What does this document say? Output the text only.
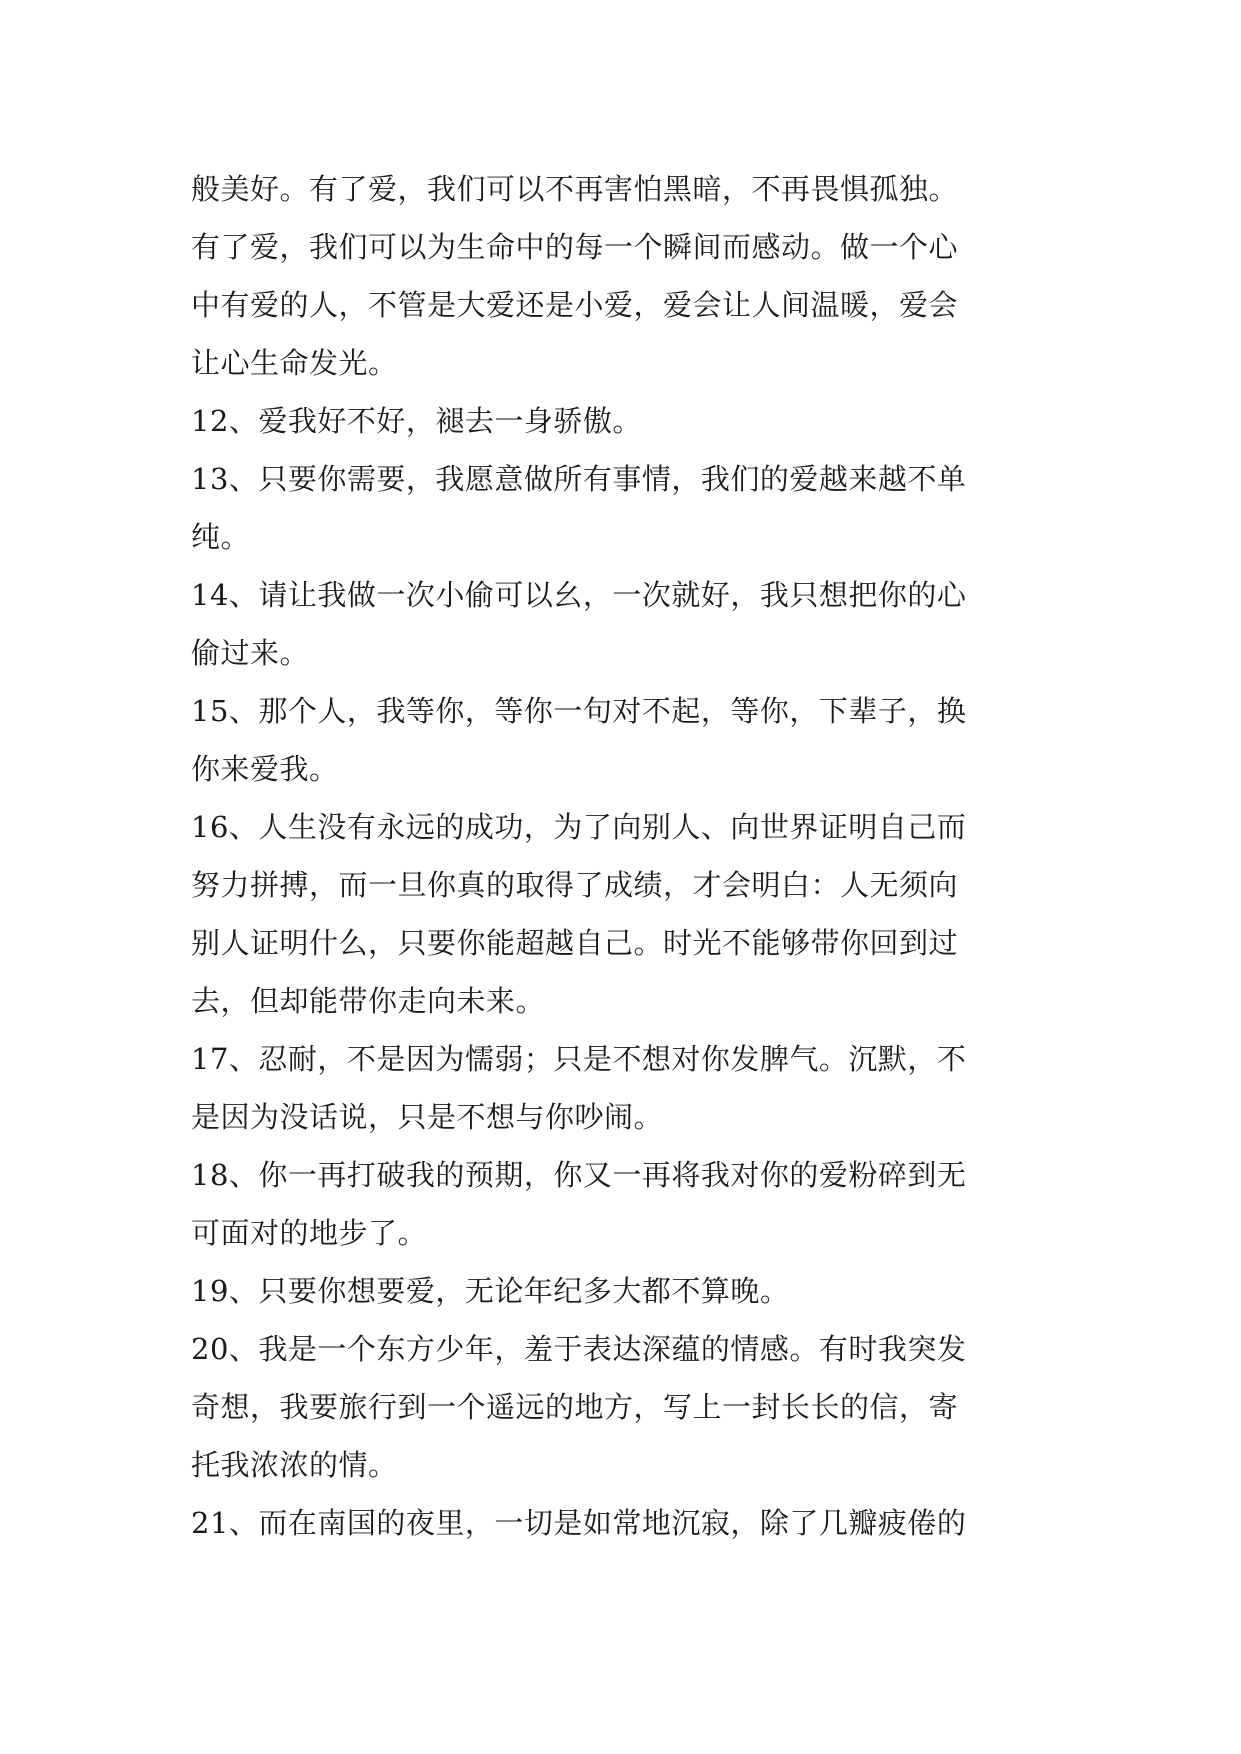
般美好。有了爱，我们可以不再害怕黑暗，不再畏惧孤独。
有了爱，我们可以为生命中的每一个瞬间而感动。做一个心
中有爱的人，不管是大爱还是小爱，爱会让人间温暖，爱会
让心生命发光。
12、爱我好不好，褪去一身骄傲。
13、只要你需要，我愿意做所有事情，我们的爱越来越不单
纯。
14、请让我做一次小偷可以幺，一次就好，我只想把你的心
偷过来。
15、那个人，我等你，等你一句对不起，等你，下辈子，换
你来爱我。
16、人生没有永远的成功，为了向别人、向世界证明自己而
努力拼搏，而一旦你真的取得了成绩，才会明白：人无须向
别人证明什么，只要你能超越自己。时光不能够带你回到过
去，但却能带你走向未来。
17、忍耐，不是因为懦弱；只是不想对你发脾气。沉默，不
是因为没话说，只是不想与你吵闹。
18、你一再打破我的预期，你又一再将我对你的爱粉碎到无
可面对的地步了。
19、只要你想要爱，无论年纪多大都不算晚。
20、我是一个东方少年，羞于表达深蕴的情感。有时我突发
奇想，我要旅行到一个遥远的地方，写上一封长长的信，寄
托我浓浓的情。
21、而在南国的夜里，一切是如常地沉寂，除了几瓣疲倦的
